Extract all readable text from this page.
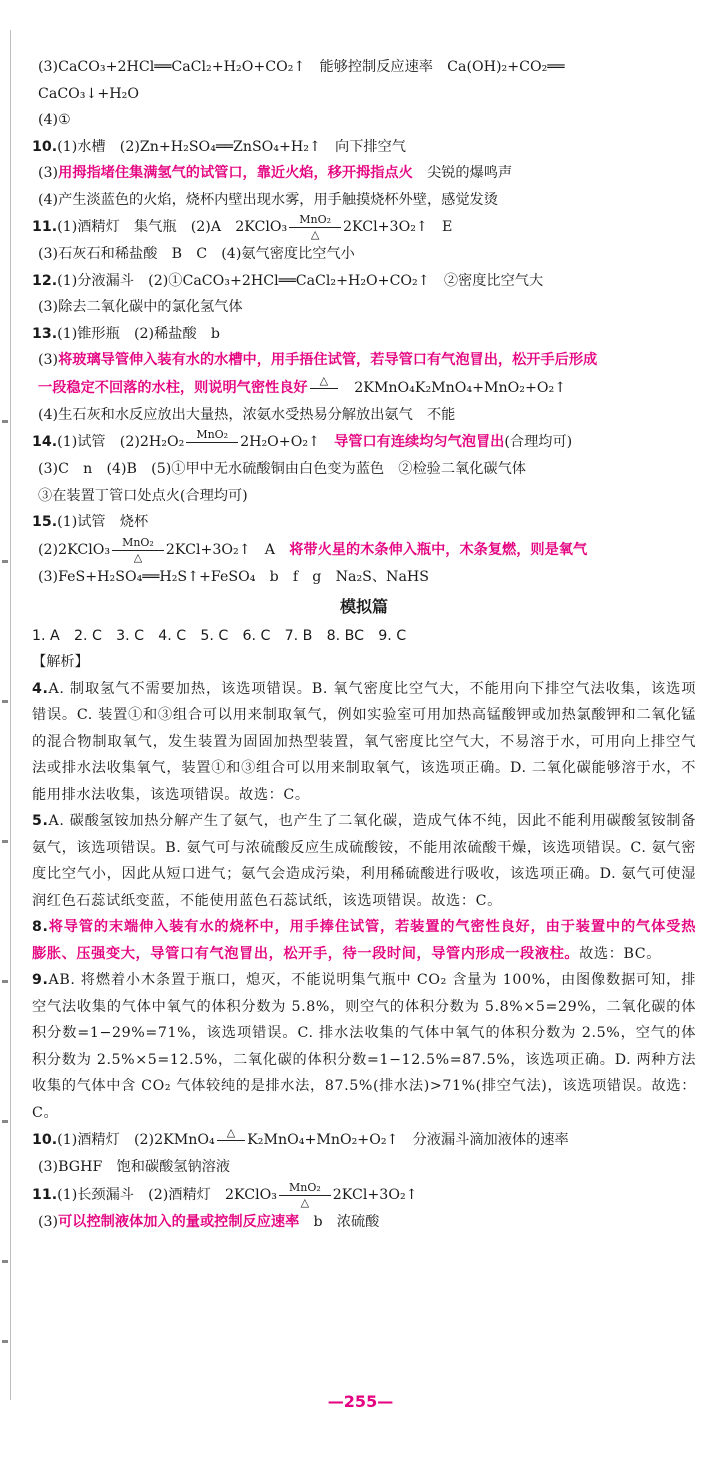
(3)CaCO₃+2HCl══CaCl₂+H₂O+CO₂↑　能够控制反应速率　Ca(OH)₂+CO₂══
CaCO₃↓+H₂O
(4)①
10.(1)水槽　(2)Zn+H₂SO₄══ZnSO₄+H₂↑　向下排空气
(3)用拇指堵住集满氢气的试管口，靠近火焰，移开拇指点火　尖锐的爆鸣声
(4)产生淡蓝色的火焰，烧杯内壁出现水雾，用手触摸烧杯外壁，感觉发烫
11.(1)酒精灯　集气瓶　(2)A　2KClO₃ $\frac{\text{MnO₂}}{\triangle}$ 2KCl+3O₂↑　E
(3)石灰石和稀盐酸　B　C　(4)氨气密度比空气小
12.(1)分液漏斗　(2)①CaCO₃+2HCl══CaCl₂+H₂O+CO₂↑　②密度比空气大
(3)除去二氧化碳中的氯化氢气体
13.(1)锥形瓶　(2)稀盐酸　b
(3)将玻璃导管伸入装有水的水槽中，用手捂住试管，若导管口有气泡冒出，松开手后形成
一段稳定不回落的水柱，则说明气密性良好	△
　2KMnO₄K₂MnO₄+MnO₂+O₂↑
(4)生石灰和水反应放出大量热，浓氨水受热易分解放出氨气　不能
14.(1)试管　(2)2H₂O₂	MnO₂
2H₂O+O₂↑　导管口有连续均匀气泡冒出(合理均可)
(3)C　n　(4)B　(5)①甲中无水硫酸铜由白色变为蓝色　②检验二氧化碳气体
③在装置丁管口处点火(合理均可)
15.(1)试管　烧杯
(2)2KClO₃ $\frac{\text{MnO₂}}{\triangle}$ 2KCl+3O₂↑　A　将带火星的木条伸入瓶中，木条复燃，则是氧气
(3)FeS+H₂SO₄══H₂S↑+FeSO₄　b　f　g　Na₂S、NaHS
模拟篇
1. A　2. C　3. C　4. C　5. C　6. C　7. B　8. BC　9. C
【解析】
4.A. 制取氢气不需要加热，该选项错误。B. 氧气密度比空气大，不能用向下排空气法收集，该选项错误。C. 装置①和③组合可以用来制取氧气，例如实验室可用加热高锰酸钾或加热氯酸钾和二氧化锰的混合物制取氧气，发生装置为固固加热型装置，氧气密度比空气大，不易溶于水，可用向上排空气法或排水法收集氧气，装置①和③组合可以用来制取氧气，该选项正确。D. 二氧化碳能够溶于水，不能用排水法收集，该选项错误。故选：C。
5.A. 碳酸氢铵加热分解产生了氨气，也产生了二氧化碳，造成气体不纯，因此不能利用碳酸氢铵制备氨气，该选项错误。B. 氨气可与浓硫酸反应生成硫酸铵，不能用浓硫酸干燥，该选项错误。C. 氨气密度比空气小，因此从短口进气；氨气会造成污染，利用稀硫酸进行吸收，该选项正确。D. 氨气可使湿润红色石蕊试纸变蓝，不能使用蓝色石蕊试纸，该选项错误。故选：C。
8.将导管的末端伸入装有水的烧杯中，用手捧住试管，若装置的气密性良好，由于装置中的气体受热膨胀、压强变大，导管口有气泡冒出，松开手，待一段时间，导管内形成一段液柱。故选：BC。
9.AB. 将燃着小木条置于瓶口，熄灭，不能说明集气瓶中 CO₂ 含量为 100%，由图像数据可知，排空气法收集的气体中氧气的体积分数为 5.8%，则空气的体积分数为 5.8%×5=29%，二氧化碳的体积分数=1−29%=71%，该选项错误。C. 排水法收集的气体中氧气的体积分数为 2.5%，空气的体积分数为 2.5%×5=12.5%，二氧化碳的体积分数=1−12.5%=87.5%，该选项正确。D. 两种方法收集的气体中含 CO₂ 气体较纯的是排水法，87.5%(排水法)>71%(排空气法)，该选项错误。故选：C。
10.(1)酒精灯　(2)2KMnO₄	△
K₂MnO₄+MnO₂+O₂↑　分液漏斗滴加液体的速率
(3)BGHF　饱和碳酸氢钠溶液
11.(1)长颈漏斗　(2)酒精灯　2KClO₃ $\frac{\text{MnO₂}}{\triangle}$ 2KCl+3O₂↑
(3)可以控制液体加入的量或控制反应速率　b　浓硫酸
—255—
